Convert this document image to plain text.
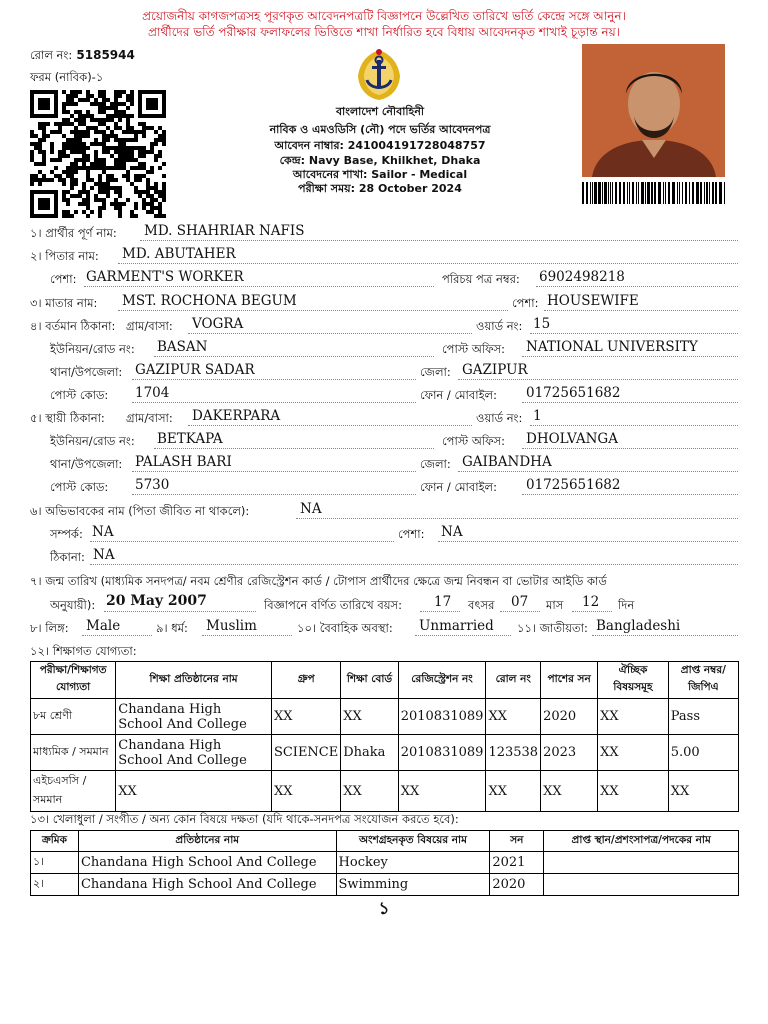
প্রয়োজনীয় কাগজপত্রসহ পূরণকৃত আবেদনপত্রটি বিজ্ঞাপনে উল্লেখিত তারিখে ভর্তি কেন্দ্রে সঙ্গে আনুন।
প্রার্থীদের ভর্তি পরীক্ষার ফলাফলের ভিত্তিতে শাখা নির্ধারিত হবে বিধায় আবেদনকৃত শাখাই চূড়ান্ত নয়।
রোল নং: 5185944
ফরম (নাবিক)-১
বাংলাদেশ নৌবাহিনী
নাবিক ও এমওডিসি (নৌ) পদে ভর্তির আবেদনপত্র
আবেদন নাম্বার: 241004191728048757
কেন্দ্র: Navy Base, Khilkhet, Dhaka
আবেদনের শাখা: Sailor - Medical
পরীক্ষা সময়: 28 October 2024
১। প্রার্থীর পূর্ণ নাম: MD. SHAHRIAR NAFIS
২। পিতার নাম: MD. ABUTAHER
পেশা: GARMENT'S WORKER	পরিচয় পত্র নম্বর: 6902498218
৩। মাতার নাম: MST. ROCHONA BEGUM	পেশা: HOUSEWIFE
৪। বর্তমান ঠিকানা: গ্রাম/বাসা: VOGRA	ওয়ার্ড নং: 15
ইউনিয়ন/রোড নং: BASAN	পোস্ট অফিস: NATIONAL UNIVERSITY
থানা/উপজেলা: GAZIPUR SADAR	জেলা: GAZIPUR
পোস্ট কোড: 1704	ফোন / মোবাইল: 01725651682
৫। স্থায়ী ঠিকানা: গ্রাম/বাসা: DAKERPARA	ওয়ার্ড নং: 1
ইউনিয়ন/রোড নং: BETKAPA	পোস্ট অফিস: DHOLVANGA
থানা/উপজেলা: PALASH BARI	জেলা: GAIBANDHA
পোস্ট কোড: 5730	ফোন / মোবাইল: 01725651682
৬। অভিভাবকের নাম (পিতা জীবিত না থাকলে):	NA
সম্পর্ক: NA	পেশা: NA
ঠিকানা: NA
৭। জন্ম তারিখ (মাধ্যমিক সনদপত্র/ নবম শ্রেণীর রেজিস্ট্রেশন কার্ড / টোপাস প্রার্থীদের ক্ষেত্রে জন্ম নিবন্ধন বা ভোটার আইডি কার্ড
অনুযায়ী): 20 May 2007	বিজ্ঞাপনে বর্ণিত তারিখে বয়স: 17 বৎসর 07 মাস 12 দিন
৮। লিঙ্গ: Male	৯। ধর্ম: Muslim	১০। বৈবাহিক অবস্থা: Unmarried ১১। জাতীয়তা: Bangladeshi
১২। শিক্ষাগত যোগ্যতা:
পরীক্ষা/শিক্ষাগত যোগ্যতা	শিক্ষা প্রতিষ্ঠানের নাম	গ্রুপ	শিক্ষা বোর্ড	রেজিস্ট্রেশন নং	রোল নং	পাশের সন	ঐচ্ছিক বিষয়সমূহ	প্রাপ্ত নম্বর/জিপিএ
৮ম শ্রেণী	Chandana High School And College	XX	XX	2010831089	XX	2020	XX	Pass
মাধ্যমিক / সমমান	Chandana High School And College	SCIENCE	Dhaka	2010831089	123538	2023	XX	5.00
এইচএসসি / সমমান	XX	XX	XX	XX	XX	XX	XX	XX
১৩। খেলাধুলা / সংগীত / অন্য কোন বিষয়ে দক্ষতা (যদি থাকে-সনদপত্র সংযোজন করতে হবে):
ক্রমিক	প্রতিষ্ঠানের নাম	অংশগ্রহনকৃত বিষয়ের নাম	সন	প্রাপ্ত স্থান/প্রশংসাপত্র/পদকের নাম
১।	Chandana High School And College	Hockey	2021	
২।	Chandana High School And College	Swimming	2020	
১
